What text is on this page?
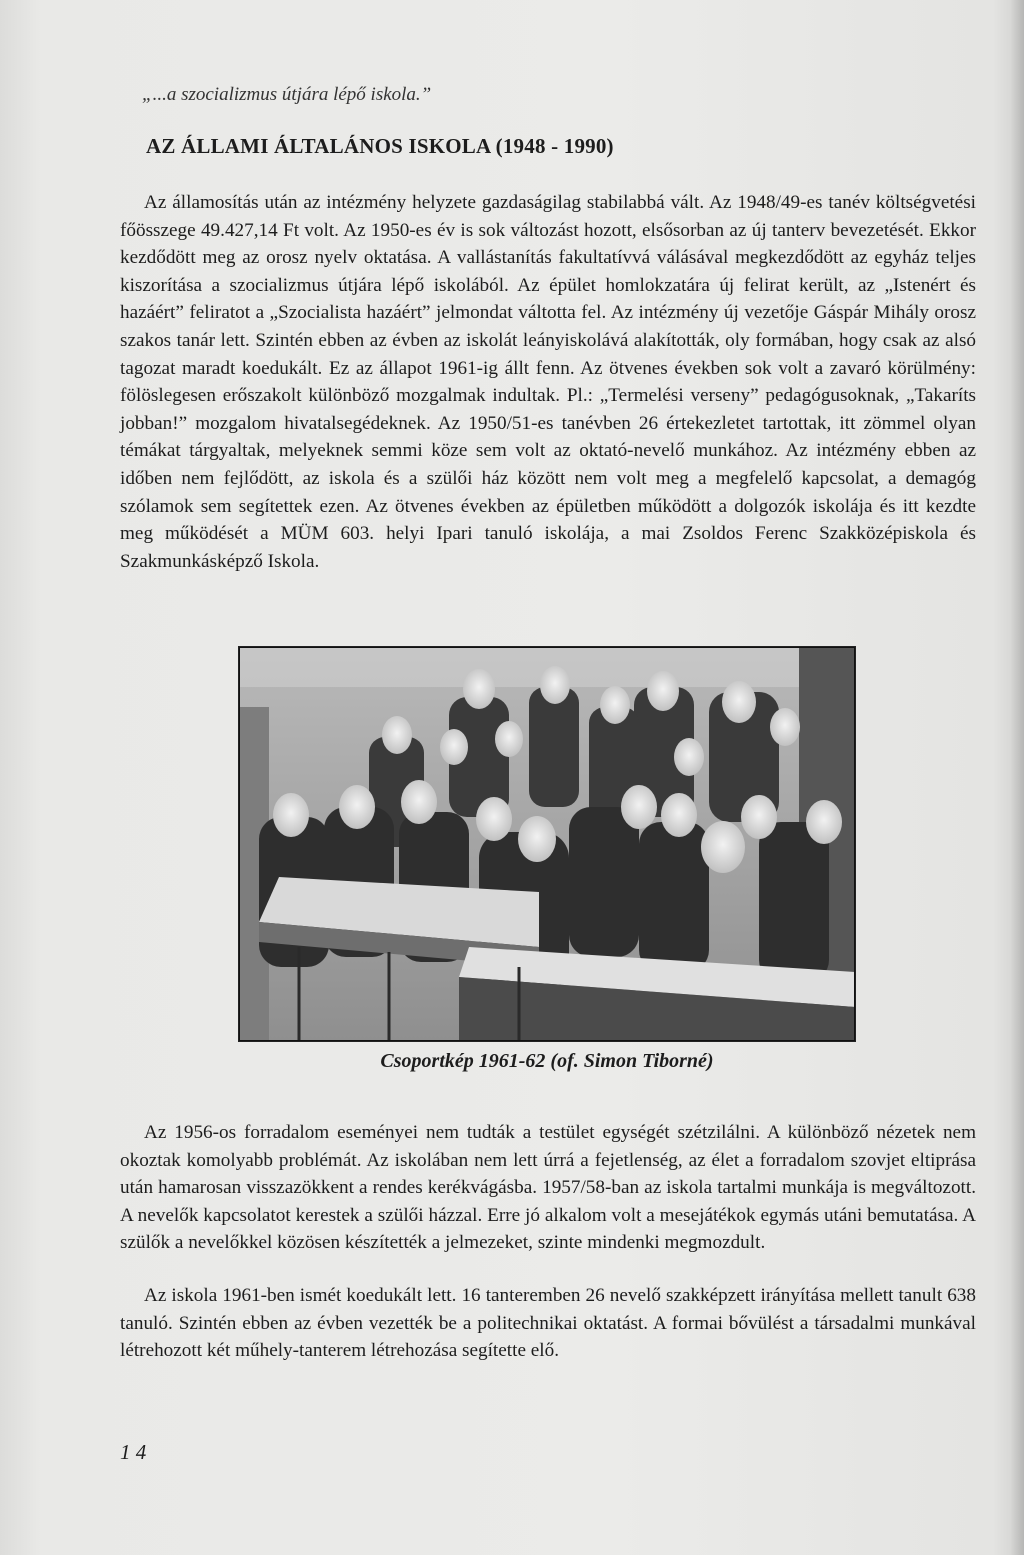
„...a szocializmus útjára lépő iskola.”
AZ ÁLLAMI ÁLTALÁNOS ISKOLA (1948 - 1990)

Az államosítás után az intézmény helyzete gazdaságilag stabilabbá vált. Az 1948/49-es tanév költségvetési főösszege 49.427,14 Ft volt. Az 1950-es év is sok változást hozott, elsősorban az új tanterv bevezetését. Ekkor kezdődött meg az orosz nyelv oktatása. A vallástanítás fakultatívvá válásával megkezdődött az egyház teljes kiszorítása a szocializmus útjára lépő iskolából. Az épület homlokzatára új felirat került, az „Istenért és hazáért” feliratot a „Szocialista hazáért” jelmondat váltotta fel. Az intézmény új vezetője Gáspár Mihály orosz szakos tanár lett. Szintén ebben az évben az iskolát leányiskolává alakították, oly formában, hogy csak az alsó tagozat maradt koedukált. Ez az állapot 1961-ig állt fenn. Az ötvenes években sok volt a zavaró körülmény: fölöslegesen erőszakolt különböző mozgalmak indultak. Pl.: „Termelési verseny” pedagógusoknak, „Takaríts jobban!” mozgalom hivatalsegédeknek. Az 1950/51-es tanévben 26 értekezletet tartottak, itt zömmel olyan témákat tárgyaltak, melyeknek semmi köze sem volt az oktató-nevelő munkához. Az intézmény ebben az időben nem fejlődött, az iskola és a szülői ház között nem volt meg a megfelelő kapcsolat, a demagóg szólamok sem segítettek ezen. Az ötvenes években az épületben működött a dolgozók iskolája és itt kezdte meg működését a MÜM 603. helyi Ipari tanuló iskolája, a mai Zsoldos Ferenc Szakközépiskola és Szakmunkásképző Iskola.

Csoportkép 1961-62 (of. Simon Tiborné)

Az 1956-os forradalom eseményei nem tudták a testület egységét szétzilálni. A különböző nézetek nem okoztak komolyabb problémát. Az iskolában nem lett úrrá a fejetlenség, az élet a forradalom szovjet eltiprása után hamarosan visszazökkent a rendes kerékvágásba. 1957/58-ban az iskola tartalmi munkája is megváltozott. A nevelők kapcsolatot kerestek a szülői házzal. Erre jó alkalom volt a mesejátékok egymás utáni bemutatása. A szülők a nevelőkkel közösen készítették a jelmezeket, szinte mindenki megmozdult.

Az iskola 1961-ben ismét koedukált lett. 16 tanteremben 26 nevelő szakképzett irányítása mellett tanult 638 tanuló. Szintén ebben az évben vezették be a politechnikai oktatást. A formai bővülést a társadalmi munkával létrehozott két műhely-tanterem létrehozása segítette elő.

1 4
